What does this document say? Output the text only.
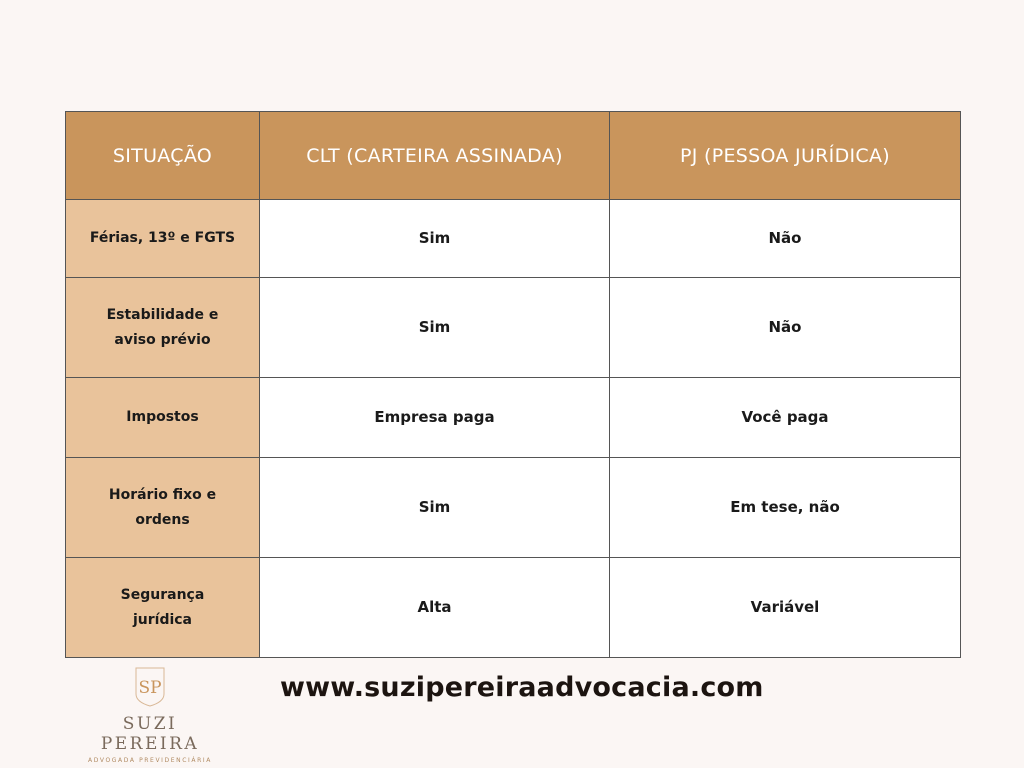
SITUAÇÃO	CLT (CARTEIRA ASSINADA)	PJ (PESSOA JURÍDICA)
Férias, 13º e FGTS	Sim	Não
Estabilidade e aviso prévio	Sim	Não
Impostos	Empresa paga	Você paga
Horário fixo e ordens	Sim	Em tese, não
Segurança jurídica	Alta	Variável
SP
SUZI PEREIRA
ADVOGADA PREVIDENCIÁRIA
www.suzipereiraadvocacia.com
